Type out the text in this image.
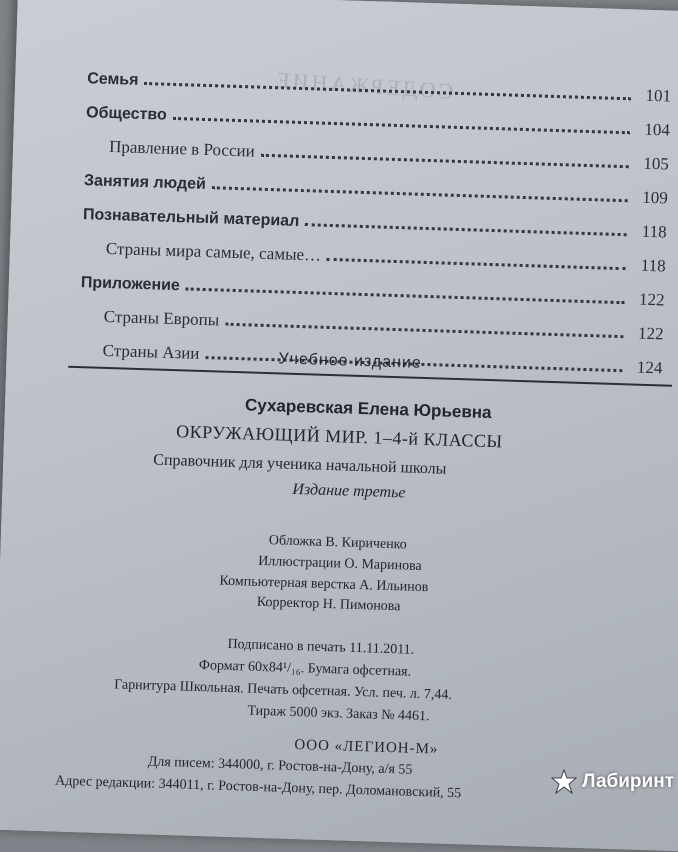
СОДЕРЖАНИЕ
Семья
101
Общество
104
Правление в России
105
Занятия людей
109
Познавательный материал
118
Страны мира самые, самые…
118
Приложение
122
Страны Европы
122
Страны Азии
124
Учебное издание
Сухаревская Елена Юрьевна
ОКРУЖАЮЩИЙ МИР. 1–4-й КЛАССЫ
Справочник для ученика начальной школы
Издание третье
Обложка В. Кириченко
Иллюстрации О. Маринова
Компьютерная верстка А. Ильинов
Корректор Н. Пимонова
Подписано в печать 11.11.2011.
Формат 60x84¹/₁₆. Бумага офсетная.
Гарнитура Школьная. Печать офсетная. Усл. печ. л. 7,44.
Тираж 5000 экз. Заказ № 4461.
ООО «ЛЕГИОН-М»
Для писем: 344000, г. Ростов-на-Дону, а/я 55
Адрес редакции: 344011, г. Ростов-на-Дону, пер. Доломановский, 55	Лабиринт
